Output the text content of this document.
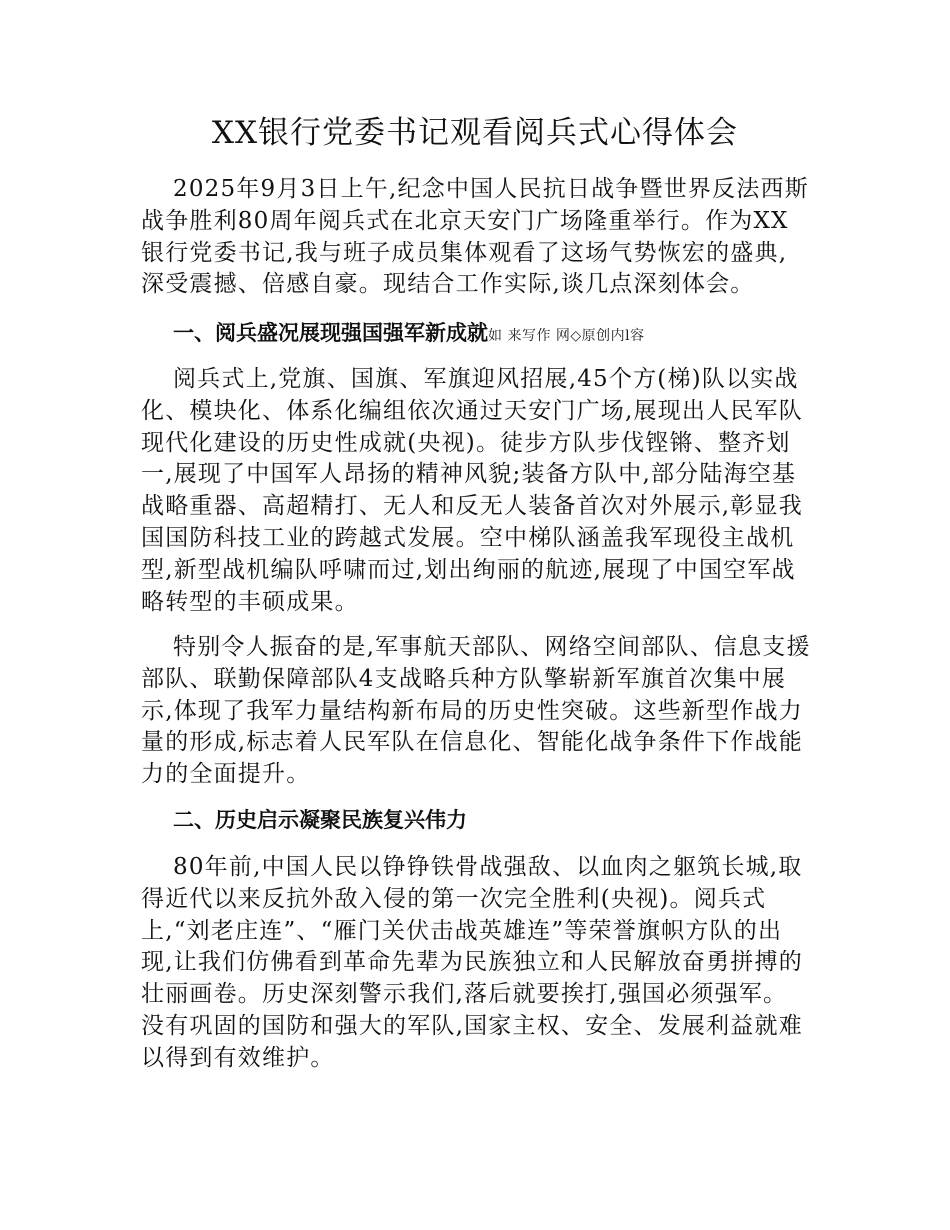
XX银行党委书记观看阅兵式心得体会

2025年9月3日上午,纪念中国人民抗日战争暨世界反法西斯战争胜利80周年阅兵式在北京天安门广场隆重举行。作为XX银行党委书记,我与班子成员集体观看了这场气势恢宏的盛典,深受震撼、倍感自豪。现结合工作实际,谈几点深刻体会。

一、阅兵盛况展现强国强军新成就如 来写作 网◇原创内l容

阅兵式上,党旗、国旗、军旗迎风招展,45个方(梯)队以实战化、模块化、体系化编组依次通过天安门广场,展现出人民军队现代化建设的历史性成就(央视)。徒步方队步伐铿锵、整齐划一,展现了中国军人昂扬的精神风貌;装备方队中,部分陆海空基战略重器、高超精打、无人和反无人装备首次对外展示,彰显我国国防科技工业的跨越式发展。空中梯队涵盖我军现役主战机型,新型战机编队呼啸而过,划出绚丽的航迹,展现了中国空军战略转型的丰硕成果。

特别令人振奋的是,军事航天部队、网络空间部队、信息支援部队、联勤保障部队4支战略兵种方队擎崭新军旗首次集中展示,体现了我军力量结构新布局的历史性突破。这些新型作战力量的形成,标志着人民军队在信息化、智能化战争条件下作战能力的全面提升。

二、历史启示凝聚民族复兴伟力

80年前,中国人民以铮铮铁骨战强敌、以血肉之躯筑长城,取得近代以来反抗外敌入侵的第一次完全胜利(央视)。阅兵式上,“刘老庄连”、“雁门关伏击战英雄连”等荣誉旗帜方队的出现,让我们仿佛看到革命先辈为民族独立和人民解放奋勇拼搏的壮丽画卷。历史深刻警示我们,落后就要挨打,强国必须强军。没有巩固的国防和强大的军队,国家主权、安全、发展利益就难以得到有效维护。
